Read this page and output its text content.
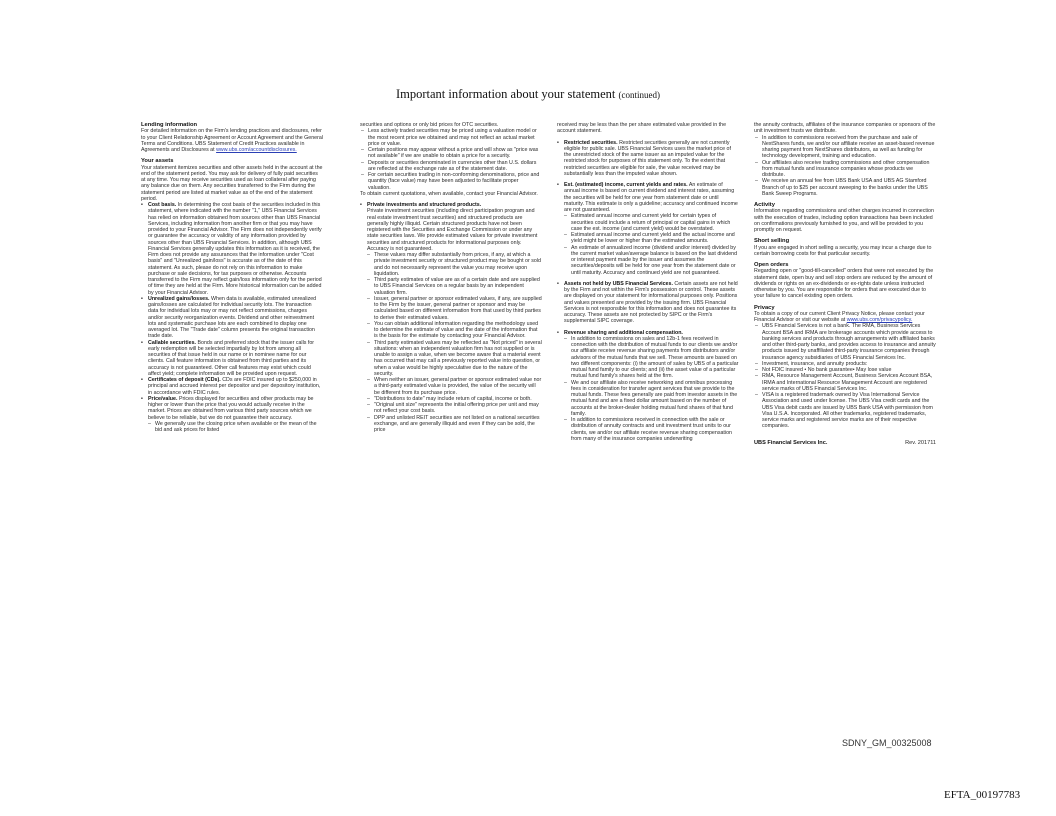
Important information about your statement (continued)

Lending information

For detailed information on the Firm's lending practices and disclosures, refer to your Client Relationship Agreement or Account Agreement and the General Terms and Conditions. UBS Statement of Credit Practices available in Agreements and Disclosures at www.ubs.com/accountdisclosures.

Your assets

Your statement itemizes securities and other assets held in the account at the end of the statement period. You may ask for delivery of fully paid securities at any time. You may receive securities used as loan collateral after paying any balance due on them. Any securities transferred to the Firm during the statement period are listed at market value as of the end of the statement period.

• Cost basis. In determining the cost basis of the securities included in this statement, where indicated with the number "1," UBS Financial Services has relied on information obtained from sources other than UBS Financial Services, including information from another firm or that you may have provided to your Financial Advisor. The Firm does not independently verify or guarantee the accuracy or validity of any information provided by sources other than UBS Financial Services. In addition, although UBS Financial Services generally updates this information as it is received, the Firm does not provide any assurances that the information under "Cost basis" and "Unrealized gain/loss" is accurate as of the date of this statement. As such, please do not rely on this information to make purchase or sale decisions, for tax purposes or otherwise. Accounts transferred to the Firm may reflect gain/loss information only for the period of time they are held at the Firm. More historical information can be added by your Financial Advisor.

• Unrealized gains/losses. When data is available, estimated unrealized gains/losses are calculated for individual security lots. The transaction data for individual lots may or may not reflect commissions, charges and/or security reorganization events. Dividend and other reinvestment lots and systematic purchase lots are each combined to display one averaged lot. The "Trade date" column presents the original transaction trade date.

• Callable securities. Bonds and preferred stock that the issuer calls for early redemption will be selected impartially by lot from among all securities of that issue held in our name or in nominee name for our clients. Call feature information is obtained from third parties and its accuracy is not guaranteed. Other call features may exist which could affect yield; complete information will be provided upon request.

• Certificates of deposit (CDs). CDs are FDIC insured up to $250,000 in principal and accrued interest per depositor and per depository institution, in accordance with FDIC rules.

• Price/value. Prices displayed for securities and other products may be higher or lower than the price that you would actually receive in the market. Prices are obtained from various third party sources which we believe to be reliable, but we do not guarantee their accuracy.
– We generally use the closing price when available or the mean of the bid and ask prices for listed

securities and options or only bid prices for OTC securities.

– Less actively traded securities may be priced using a valuation model or the most recent price we obtained and may not reflect an actual market price or value.
– Certain positions may appear without a price and will show as "price was not available" if we are unable to obtain a price for a security.
– Deposits or securities denominated in currencies other than U.S. dollars are reflected at the exchange rate as of the statement date.
– For certain securities trading in non-conforming denominations, price and quantity (face value) may have been adjusted to facilitate proper valuation.

To obtain current quotations, when available, contact your Financial Advisor.

• Private investments and structured products.
Private investment securities (including direct participation program and real estate investment trust securities) and structured products are generally highly illiquid. Certain structured products have not been registered with the Securities and Exchange Commission or under any state securities laws. We provide estimated values for private investment securities and structured products for informational purposes only. Accuracy is not guaranteed.
– These values may differ substantially from prices, if any, at which a private investment security or structured product may be bought or sold and do not necessarily represent the value you may receive upon liquidation.
– Third party estimates of value are as of a certain date and are supplied to UBS Financial Services on a regular basis by an independent valuation firm.
– Issuer, general partner or sponsor estimated values, if any, are supplied to the Firm by the issuer, general partner or sponsor and may be calculated based on different information from that used by third parties to derive their estimated values.
– You can obtain additional information regarding the methodology used to determine the estimate of value and the date of the information that is the basis for the estimate by contacting your Financial Advisor.
– Third party estimated values may be reflected as "Not priced" in several situations: when an independent valuation firm has not supplied or is unable to assign a value, when we become aware that a material event has occurred that may call a previously reported value into question, or when a value would be highly speculative due to the nature of the security.
– When neither an issuer, general partner or sponsor estimated value nor a third-party estimated value is provided, the value of the security will be different from its purchase price.
– "Distributions to date" may include return of capital, income or both.
– "Original unit size" represents the initial offering price per unit and may not reflect your cost basis.
– DPP and unlisted REIT securities are not listed on a national securities exchange, and are generally illiquid and even if they can be sold, the price

received may be less than the per share estimated value provided in the account statement.

• Restricted securities. Restricted securities generally are not currently eligible for public sale. UBS Financial Services uses the market price of the unrestricted stock of the same issuer as an imputed value for the restricted stock for purposes of this statement only. To the extent that restricted securities are eligible for sale, the value received may be substantially less than the imputed value shown.

• Est. (estimated) income, current yields and rates. An estimate of annual income is based on current dividend and interest rates, assuming the securities will be held for one year from statement date or until maturity. This estimate is only a guideline; accuracy and continued income are not guaranteed.
– Estimated annual income and current yield for certain types of securities could include a return of principal or capital gains in which case the est. income (and current yield) would be overstated.
– Estimated annual income and current yield and the actual income and yield might be lower or higher than the estimated amounts.
– An estimate of annualized income (dividend and/or interest) divided by the current market value/average balance is based on the last dividend or interest payment made by the issuer and assumes the securities/deposits will be held for one year from the statement date or until maturity. Accuracy and continued yield are not guaranteed.

• Assets not held by UBS Financial Services. Certain assets are not held by the Firm and not within the Firm's possession or control. These assets are displayed on your statement for informational purposes only. Positions and values presented are provided by the issuing firm. UBS Financial Services is not responsible for this information and does not guarantee its accuracy. These assets are not protected by SIPC or the Firm's supplemental SIPC coverage.

• Revenue sharing and additional compensation.
– In addition to commissions on sales and 12b-1 fees received in connection with the distribution of mutual funds to our clients we and/or our affiliate receive revenue sharing payments from distributors and/or advisors of the mutual funds that we sell. These amounts are based on two different components: (i) the amount of sales by UBS of a particular mutual fund family to our clients; and (ii) the asset value of a particular mutual fund family's shares held at the firm.
– We and our affiliate also receive networking and omnibus processing fees in consideration for transfer agent services that we provide to the mutual funds. These fees generally are paid from investor assets in the mutual fund and are a fixed dollar amount based on the number of accounts at the broker-dealer holding mutual fund shares of that fund family.
– In addition to commissions received in connection with the sale or distribution of annuity contracts and unit investment trust units to our clients, we and/or our affiliate receive revenue sharing compensation from many of the insurance companies underwriting

the annuity contracts, affiliates of the insurance companies or sponsors of the unit investment trusts we distribute.

– In addition to commissions received from the purchase and sale of NextShares funds, we and/or our affiliate receive an asset-based revenue sharing payment from NextShares distributors, as well as funding for technology development, training and education.
– Our affiliates also receive trading commissions and other compensation from mutual funds and insurance companies whose products we distribute.
– We receive an annual fee from UBS Bank USA and UBS AG Stamford Branch of up to $25 per account sweeping to the banks under the UBS Bank Sweep Programs.

Activity

Information regarding commissions and other charges incurred in connection with the execution of trades, including option transactions has been included on confirmations previously furnished to you, and will be provided to you promptly on request.

Short selling

If you are engaged in short selling a security, you may incur a charge due to certain borrowing costs for that particular security.

Open orders

Regarding open or "good-till-cancelled" orders that were not executed by the statement date, open buy and sell stop orders are reduced by the amount of dividends or rights on an ex-dividends or ex-rights date unless instructed otherwise by you. You are responsible for orders that are executed due to your failure to cancel existing open orders.

Privacy

To obtain a copy of our current Client Privacy Notice, please contact your Financial Advisor or visit our website at www.ubs.com/privacypolicy.

– UBS Financial Services is not a bank. The RMA, Business Services Account BSA and IRMA are brokerage accounts which provide access to banking services and products through arrangements with affiliated banks and other third-party banks, and provides access to insurance and annuity products issued by unaffiliated third-party insurance companies through insurance agency subsidiaries of UBS Financial Services Inc.
– Investment, insurance, and annuity products:
– Not FDIC insured • No bank guarantee• May lose value
– RMA, Resource Management Account, Business Services Account BSA, IRMA and International Resource Management Account are registered service marks of UBS Financial Services Inc.
– VISA is a registered trademark owned by Visa International Service Association and used under license. The UBS Visa credit cards and the UBS Visa debit cards are issued by UBS Bank USA with permission from Visa U.S.A. Incorporated. All other trademarks, registered trademarks, service marks and registered service marks are of their respective companies.
UBS Financial Services Inc.	Rev. 201711
SDNY_GM_00325008
EFTA_00197783
